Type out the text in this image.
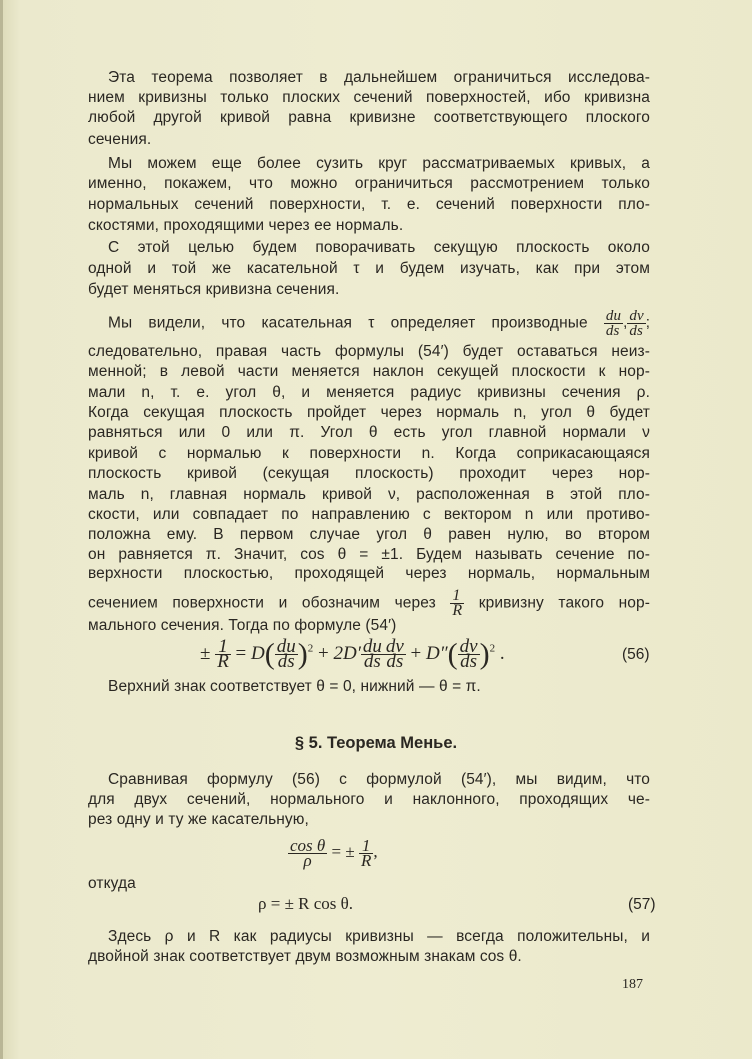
Эта теорема позволяет в дальнейшем ограничиться исследова-
нием кривизны только плоских сечений поверхностей, ибо кривизна
любой другой кривой равна кривизне соответствующего плоского
сечения.
Мы можем еще более сузить круг рассматриваемых кривых, а
именно, покажем, что можно ограничиться рассмотрением только
нормальных сечений поверхности, т. е. сечений поверхности пло-
скостями, проходящими через ее нормаль.
С этой целью будем поворачивать секущую плоскость около
одной и той же касательной τ и будем изучать, как при этом
будет меняться кривизна сечения.
Мы видели, что касательная τ определяет производные $\frac{du}{ds}$ , $\frac{dv}{ds}$ ;
следовательно, правая часть формулы (54′) будет оставаться неиз-
менной; в левой части меняется наклон секущей плоскости к нор-
мали n, т. е. угол θ, и меняется радиус кривизны сечения ρ.
Когда секущая плоскость пройдет через нормаль n, угол θ будет
равняться или 0 или π. Угол θ есть угол главной нормали ν
кривой с нормалью к поверхности n. Когда соприкасающаяся
плоскость кривой (секущая плоскость) проходит через нор-
маль n, главная нормаль кривой ν, расположенная в этой пло-
скости, или совпадает по направлению с вектором n или противо-
положна ему. В первом случае угол θ равен нулю, во втором
он равняется π. Значит, cos θ = ±1. Будем называть сечение по-
верхности плоскостью, проходящей через нормаль, нормальным
сечением поверхности и обозначим через $\frac{1}{R}$ кривизну такого нор-
мального сечения. Тогда по формуле (54′)
± $\frac{1}{R} = D( \frac{du}{ds} )^2 + 2D' \frac{du}{ds} \frac{dv}{ds} + D''( \frac{dv}{ds} )^2$ .	(56)
Верхний знак соответствует θ = 0, нижний — θ = π.
§ 5. Теорема Менье.
Сравнивая формулу (56) с формулой (54′), мы видим, что
для двух сечений, нормального и наклонного, проходящих че-
рез одну и ту же касательную,
$\frac{\text{cos θ}}{\rho}$ = ± $\frac{1}{R}$ ,
откуда
ρ = ± R cos θ.	(57)
Здесь ρ и R как радиусы кривизны — всегда положительны, и
двойной знак соответствует двум возможным знакам cos θ.
187
